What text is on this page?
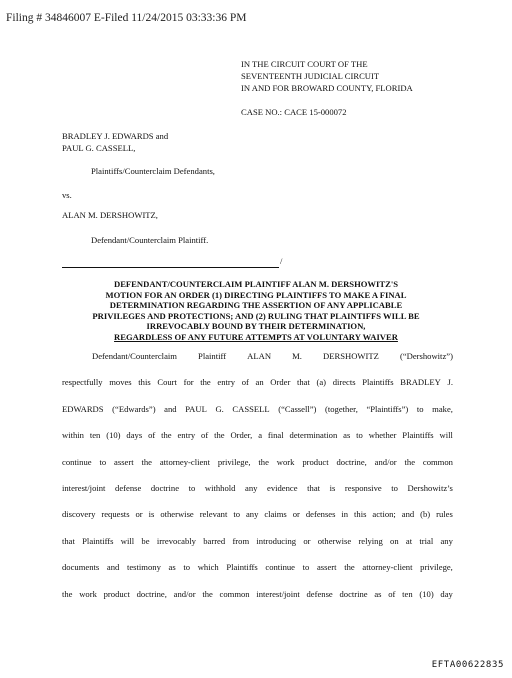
Filing # 34846007 E-Filed 11/24/2015 03:33:36 PM
IN THE CIRCUIT COURT OF THE
SEVENTEENTH JUDICIAL CIRCUIT
IN AND FOR BROWARD COUNTY, FLORIDA
CASE NO.: CACE 15-000072
BRADLEY J. EDWARDS and
PAUL G. CASSELL,
Plaintiffs/Counterclaim Defendants,
vs.
ALAN M. DERSHOWITZ,
Defendant/Counterclaim Plaintiff.
/
DEFENDANT/COUNTERCLAIM PLAINTIFF ALAN M. DERSHOWITZ'S
MOTION FOR AN ORDER (1) DIRECTING PLAINTIFFS TO MAKE A FINAL
DETERMINATION REGARDING THE ASSERTION OF ANY APPLICABLE
PRIVILEGES AND PROTECTIONS; AND (2) RULING THAT PLAINTIFFS WILL BE
IRREVOCABLY BOUND BY THEIR DETERMINATION,
REGARDLESS OF ANY FUTURE ATTEMPTS AT VOLUNTARY WAIVER
Defendant/Counterclaim Plaintiff ALAN M. DERSHOWITZ (“Dershowitz”)
respectfully moves this Court for the entry of an Order that (a) directs Plaintiffs BRADLEY J.
EDWARDS (“Edwards”) and PAUL G. CASSELL (“Cassell”) (together, “Plaintiffs”) to make,
within ten (10) days of the entry of the Order, a final determination as to whether Plaintiffs will
continue to assert the attorney-client privilege, the work product doctrine, and/or the common
interest/joint defense doctrine to withhold any evidence that is responsive to Dershowitz’s
discovery requests or is otherwise relevant to any claims or defenses in this action; and (b) rules
that Plaintiffs will be irrevocably barred from introducing or otherwise relying on at trial any
documents and testimony as to which Plaintiffs continue to assert the attorney-client privilege,
the work product doctrine, and/or the common interest/joint defense doctrine as of ten (10) day
EFTA00622835
